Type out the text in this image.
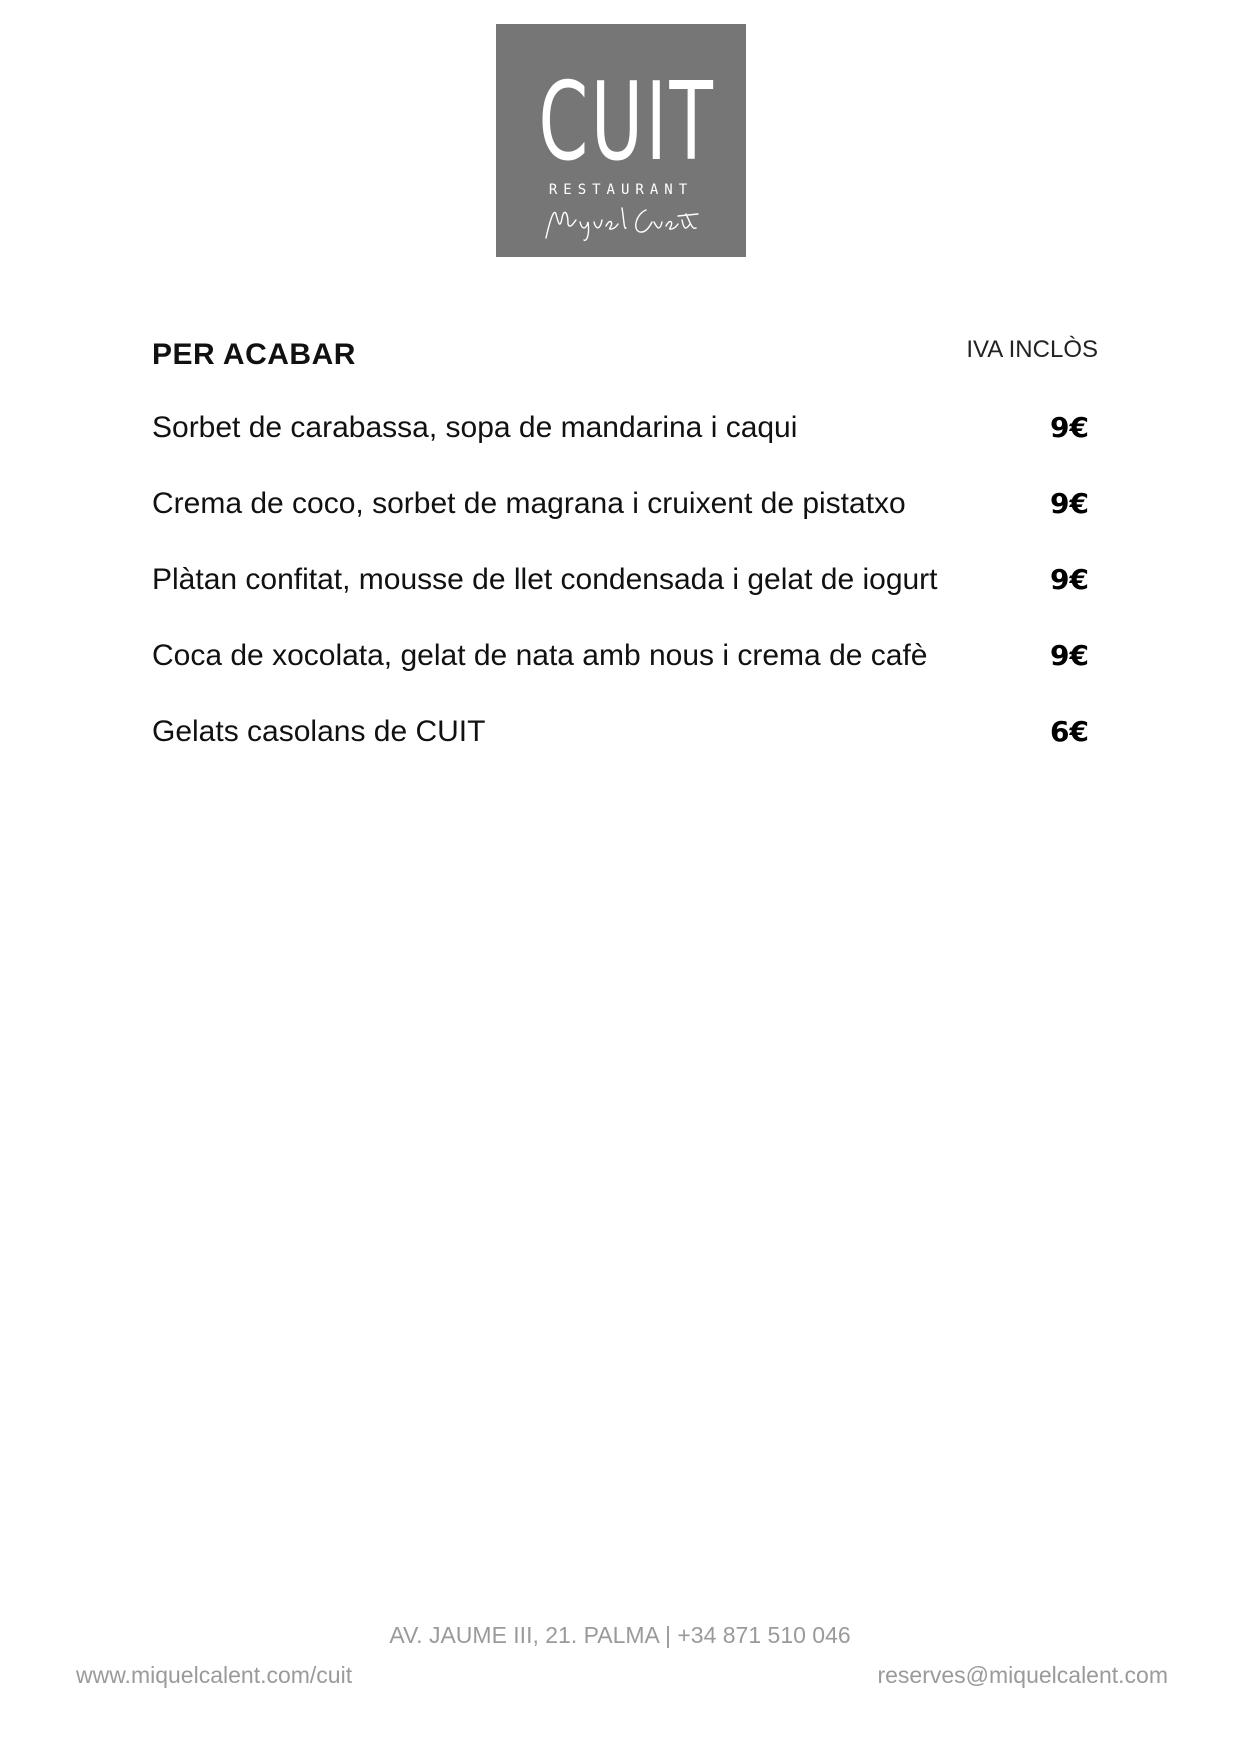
CUIT
RESTAURANT
PER ACABAR	IVA INCLÒS
Sorbet de carabassa, sopa de mandarina i caqui	9€
Crema de coco, sorbet de magrana i cruixent de pistatxo	9€
Plàtan confitat, mousse de llet condensada i gelat de iogurt	9€
Coca de xocolata, gelat de nata amb nous i crema de cafè	9€
Gelats casolans de CUIT	6€
AV. JAUME III, 21. PALMA | +34 871 510 046
www.miquelcalent.com/cuit	reserves@miquelcalent.com
